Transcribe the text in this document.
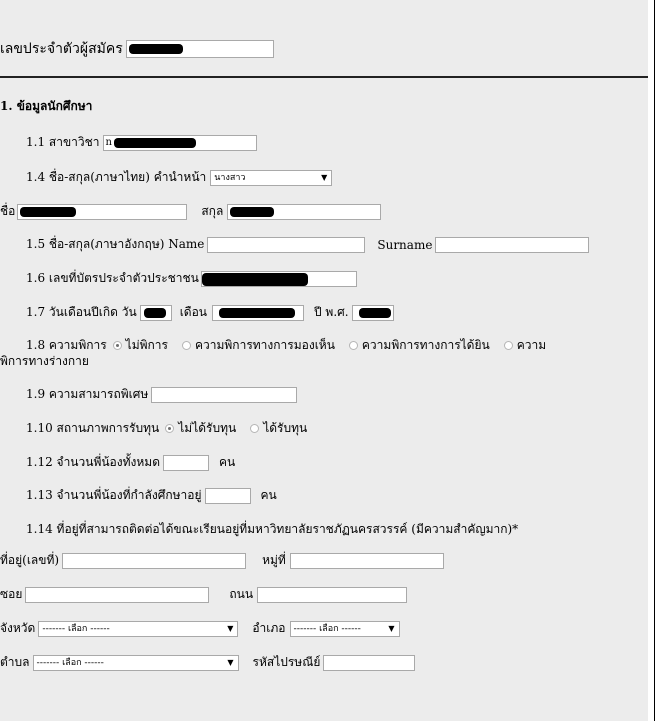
เลขประจำตัวผู้สมัคร
1. ข้อมูลนักศึกษา
1.1 สาขาวิชา n
1.4 ชื่อ-สกุล(ภาษาไทย) คำนำหน้า นางสาว	▼
ชื่อ	สกุล
1.5 ชื่อ-สกุล(ภาษาอังกฤษ) Name	Surname
1.6 เลขที่บัตรประจำตัวประชาชน
1.7 วันเดือนปีเกิด วัน	เดือน	ปี พ.ศ.
1.8 ความพิการ ไม่พิการ ความพิการทางการมองเห็น ความพิการทางการได้ยิน ความ
พิการทางร่างกาย
1.9 ความสามารถพิเศษ
1.10 สถานภาพการรับทุน ไม่ได้รับทุน ได้รับทุน
1.12 จำนวนพี่น้องทั้งหมด	คน
1.13 จำนวนพี่น้องที่กำลังศึกษาอยู่	คน
1.14 ที่อยู่ที่สามารถติดต่อได้ขณะเรียนอยู่ที่มหาวิทยาลัยราชภัฏนครสวรรค์ (มีความสำคัญมาก)*
ที่อยู่(เลขที่)	หมู่ที่
ซอย	ถนน
จังหวัด ------- เลือก ------	▼ อำเภอ ------- เลือก ------	▼
ตำบล ------- เลือก ------	▼ รหัสไปรษณีย์
